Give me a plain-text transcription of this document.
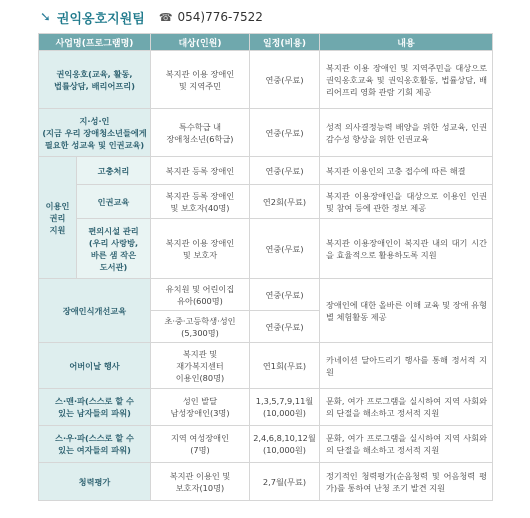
➘ 권익옹호지원팀 ☎ 054)776-7522
사업명(프로그램명)		대상(인원)	일정(비용)	내용

권익옹호(교육, 활동,
법률상담, 배리어프리)		복지관 이용 장애인
및 지역주민	연중(무료)	복지관 이용 장애인 및 지역주민을 대상으로 권익옹호교육 및 권익옹호활동, 법률상담, 배리어프리 영화 관람 기회 제공

지·성·인
(지금 우리 장애청소년들에게
필요한 성교육 및 인권교육)		특수학급 내
장애청소년(6학급)	연중(무료)	성적 의사결정능력 배양을 위한 성교육, 인권감수성 향상을 위한 인권교육

이용인
권리
지원	고충처리	복지관 등록 장애인	연중(무료)	복지관 이용인의 고충 접수에 따른 해결
	인권교육	복지관 등록 장애인
및 보호자(40명)	연2회(무료)	복지관 이용장애인을 대상으로 이용인 인권 및 참여 등에 관한 정보 제공

	편의시설 관리
(우리 사랑방,
바른 샘 작은
도서관)	복지관 이용 장애인
및 보호자	연중(무료)	복지관 이용장애인이 복지관 내의 대기 시간을 효율적으로 활용하도록 지원
장애인식개선교육		유치원 및 어린이집
유아(600명)	연중(무료)	장애인에 대한 올바른 이해 교육 및 장애 유형별 체험활동 제공

		초·중·고등학생·성인
(5,300명)	연중(무료)	
어버이날 행사		복지관 및
재가복지센터
이용인(80명)	연1회(무료)	카네이션 달아드리기 행사를 통해 정서적 지원

스·맨·파(스스로 할 수
있는 남자들의 파워)		성인 발달
남성장애인(3명)	1,3,5,7,9,11월
(10,000원)	문화, 여가 프로그램을 실시하여 지역 사회와의 단절을 해소하고 정서적 지원

스·우·파(스스로 할 수
있는 여자들의 파워)		지역 여성장애인
(7명)	2,4,6,8,10,12월
(10,000원)	문화, 여가 프로그램을 실시하여 지역 사회와의 단절을 해소하고 정서적 지원
청력평가		복지관 이용인 및
보호자(10명)	2,7월(무료)	정기적인 청력평가(순음청력 및 어음청력 평가)를 통하여 난청 조기 발견 지원
